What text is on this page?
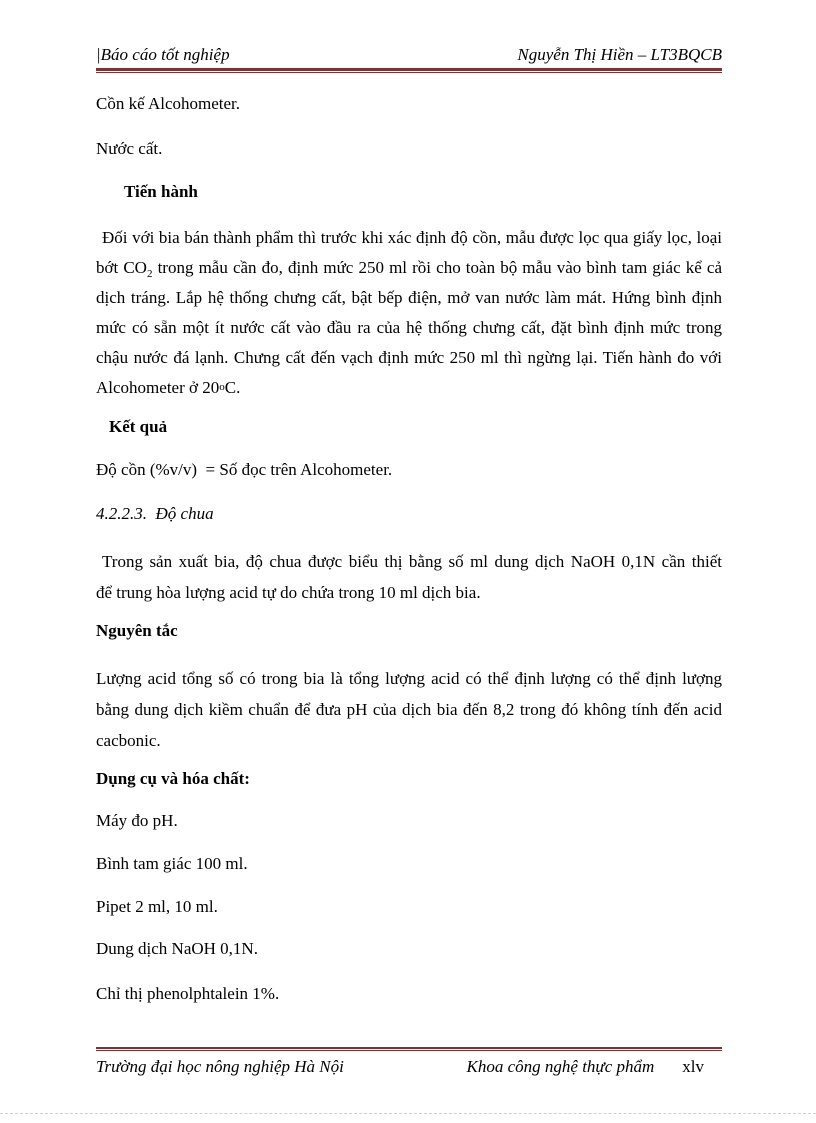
|Báo cáo tốt nghiệp	Nguyễn Thị Hiền – LT3BQCB
Cồn kế Alcohometer.
Nước cất.
Tiến hành
Đối với bia bán thành phẩm thì trước khi xác định độ cồn, mẫu được lọc qua giấy lọc, loại bớt $CO_2$ trong mẫu cần đo, định mức 250 ml rồi cho toàn bộ mẫu vào bình tam giác kể cả dịch tráng. Lắp hệ thống chưng cất, bật bếp điện, mở van nước làm mát. Hứng bình định mức có sẵn một ít nước cất vào đầu ra của hệ thống chưng cất, đặt bình định mức trong chậu nước đá lạnh. Chưng cất đến vạch định mức 250 ml thì ngừng lại. Tiến hành đo với Alcohometer ở 20$^o$C.
Kết quả
Độ cồn (%v/v)  = Số đọc trên Alcohometer.
4.2.2.3.  Độ chua
Trong sản xuất bia, độ chua được biểu thị bằng số ml dung dịch NaOH 0,1N cần thiết để trung hòa lượng acid tự do chứa trong 10 ml dịch bia.
Nguyên tắc
Lượng acid tổng số có trong bia là tổng lượng acid có thể định lượng có thể định lượng bằng dung dịch kiềm chuẩn để đưa pH của dịch bia đến 8,2 trong đó không tính đến acid cacbonic.
Dụng cụ và hóa chất:
Máy đo pH.
Bình tam giác 100 ml.
Pipet 2 ml, 10 ml.
Dung dịch NaOH 0,1N.
Chỉ thị phenolphtalein 1%.
Trường đại học nông nghiệp Hà Nội	Khoa công nghệ thực phẩm xlv
